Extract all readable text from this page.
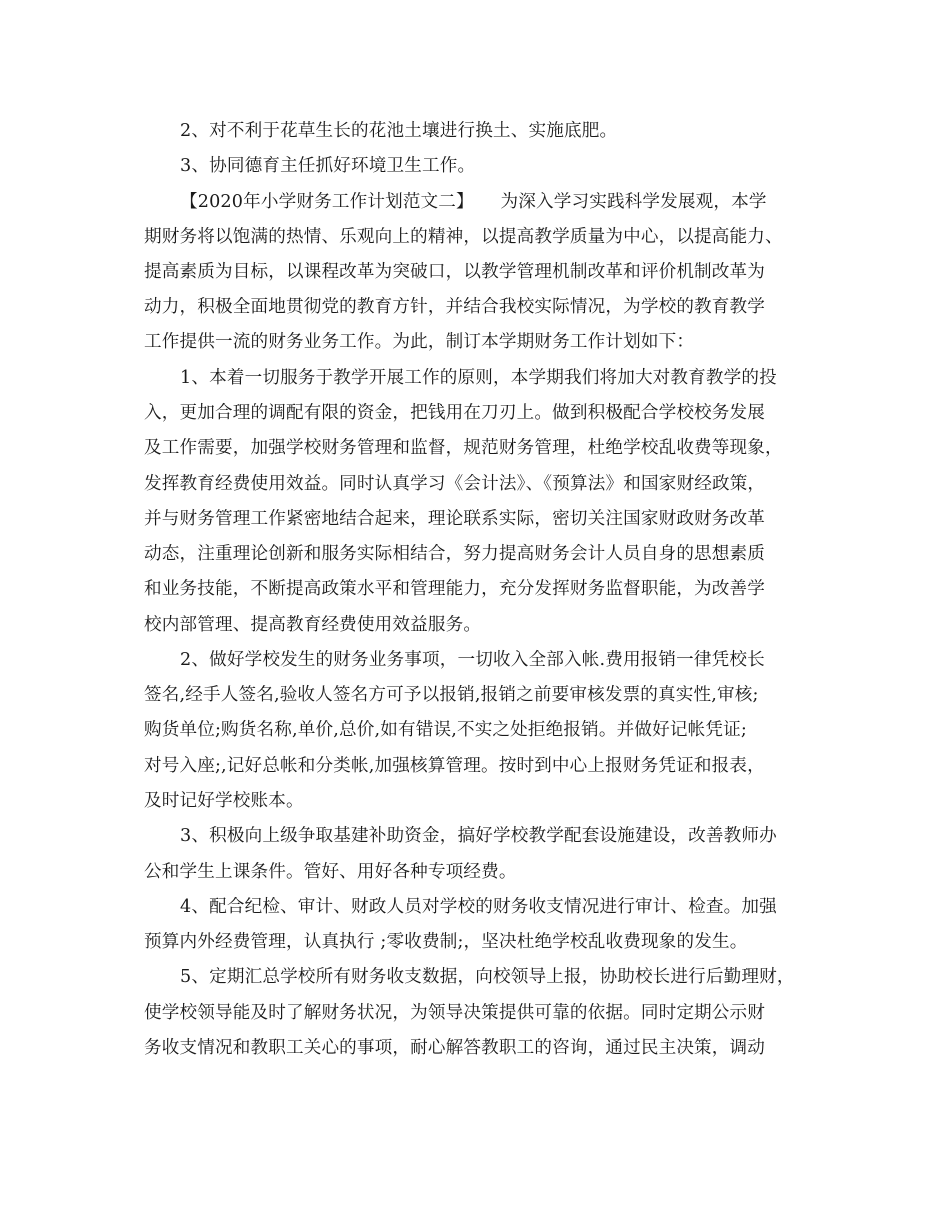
2、对不利于花草生长的花池土壤进行换土、实施底肥。

3、协同德育主任抓好环境卫生工作。

【2020年小学财务工作计划范文二】　　为深入学习实践科学发展观，本学

期财务将以饱满的热情、乐观向上的精神，以提高教学质量为中心，以提高能力、

提高素质为目标，以课程改革为突破口，以教学管理机制改革和评价机制改革为

动力，积极全面地贯彻党的教育方针，并结合我校实际情况，为学校的教育教学

工作提供一流的财务业务工作。为此，制订本学期财务工作计划如下：

1、本着一切服务于教学开展工作的原则，本学期我们将加大对教育教学的投

入，更加合理的调配有限的资金，把钱用在刀刃上。做到积极配合学校校务发展

及工作需要，加强学校财务管理和监督，规范财务管理，杜绝学校乱收费等现象，

发挥教育经费使用效益。同时认真学习《会计法》、《预算法》和国家财经政策，

并与财务管理工作紧密地结合起来，理论联系实际，密切关注国家财政财务改革

动态，注重理论创新和服务实际相结合，努力提高财务会计人员自身的思想素质

和业务技能，不断提高政策水平和管理能力，充分发挥财务监督职能，为改善学

校内部管理、提高教育经费使用效益服务。

2、做好学校发生的财务业务事项，一切收入全部入帐.费用报销一律凭校长

签名,经手人签名,验收人签名方可予以报销,报销之前要审核发票的真实性,审核;

购货单位;购货名称,单价,总价,如有错误,不实之处拒绝报销。并做好记帐凭证;

对号入座;,记好总帐和分类帐,加强核算管理。按时到中心上报财务凭证和报表，

及时记好学校账本。

3、积极向上级争取基建补助资金，搞好学校教学配套设施建设，改善教师办

公和学生上课条件。管好、用好各种专项经费。

4、配合纪检、审计、财政人员对学校的财务收支情况进行审计、检查。加强

预算内外经费管理，认真执行 ;零收费制;，坚决杜绝学校乱收费现象的发生。

5、定期汇总学校所有财务收支数据，向校领导上报，协助校长进行后勤理财，

使学校领导能及时了解财务状况，为领导决策提供可靠的依据。同时定期公示财

务收支情况和教职工关心的事项，耐心解答教职工的咨询，通过民主决策，调动
